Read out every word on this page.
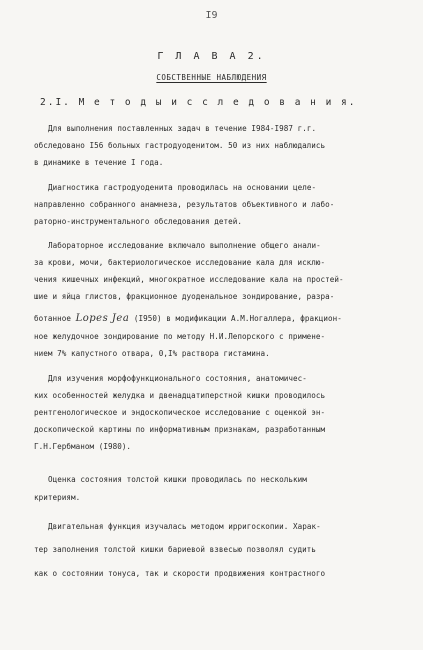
I9
Г Л А В А 2.
СОБСТВЕННЫЕ НАБЛЮДЕНИЯ
2.I. М е т о д ы и с с л е д о в а н и я.
Для выполнения поставленных задач в течение I984-I987 г.г.
обследовано I56 больных гастродуоденитом. 50 из них наблюдались
в динамике в течение I года.
Диагностика гастродуоденита проводилась на основании целе-
направленно собранного анамнеза, результатов объективного и лабо-
раторно-инструментального обследования детей.
Лабораторное исследование включало выполнение общего анали-
за крови, мочи, бактериологическое исследование кала для исклю-
чения кишечных инфекций, многократное исследование кала на простей-
шие и яйца глистов, фракционное дуоденальное зондирование, разра-
ботанное Lopes Jea (I950) в модификации А.М.Ногаллера, фракцион-
ное желудочное зондирование по методу Н.И.Лепорского с примене-
нием 7% капустного отвара, 0,I% раствора гистамина.
Для изучения морфофункционального состояния, анатомичес-
ких особенностей желудка и двенадцатиперстной кишки проводилось
рентгенологическое и эндоскопическое исследование с оценкой эн-
доскопической картины по информативным признакам, разработанным
Г.Н.Гербманом (I980).
Оценка состояния толстой кишки проводилась по нескольким
критериям.
Двигательная функция изучалась методом ирригоскопии. Харак-
тер заполнения толстой кишки бариевой взвесью позволял судить
как о состоянии тонуса, так и скорости продвижения контрастного
